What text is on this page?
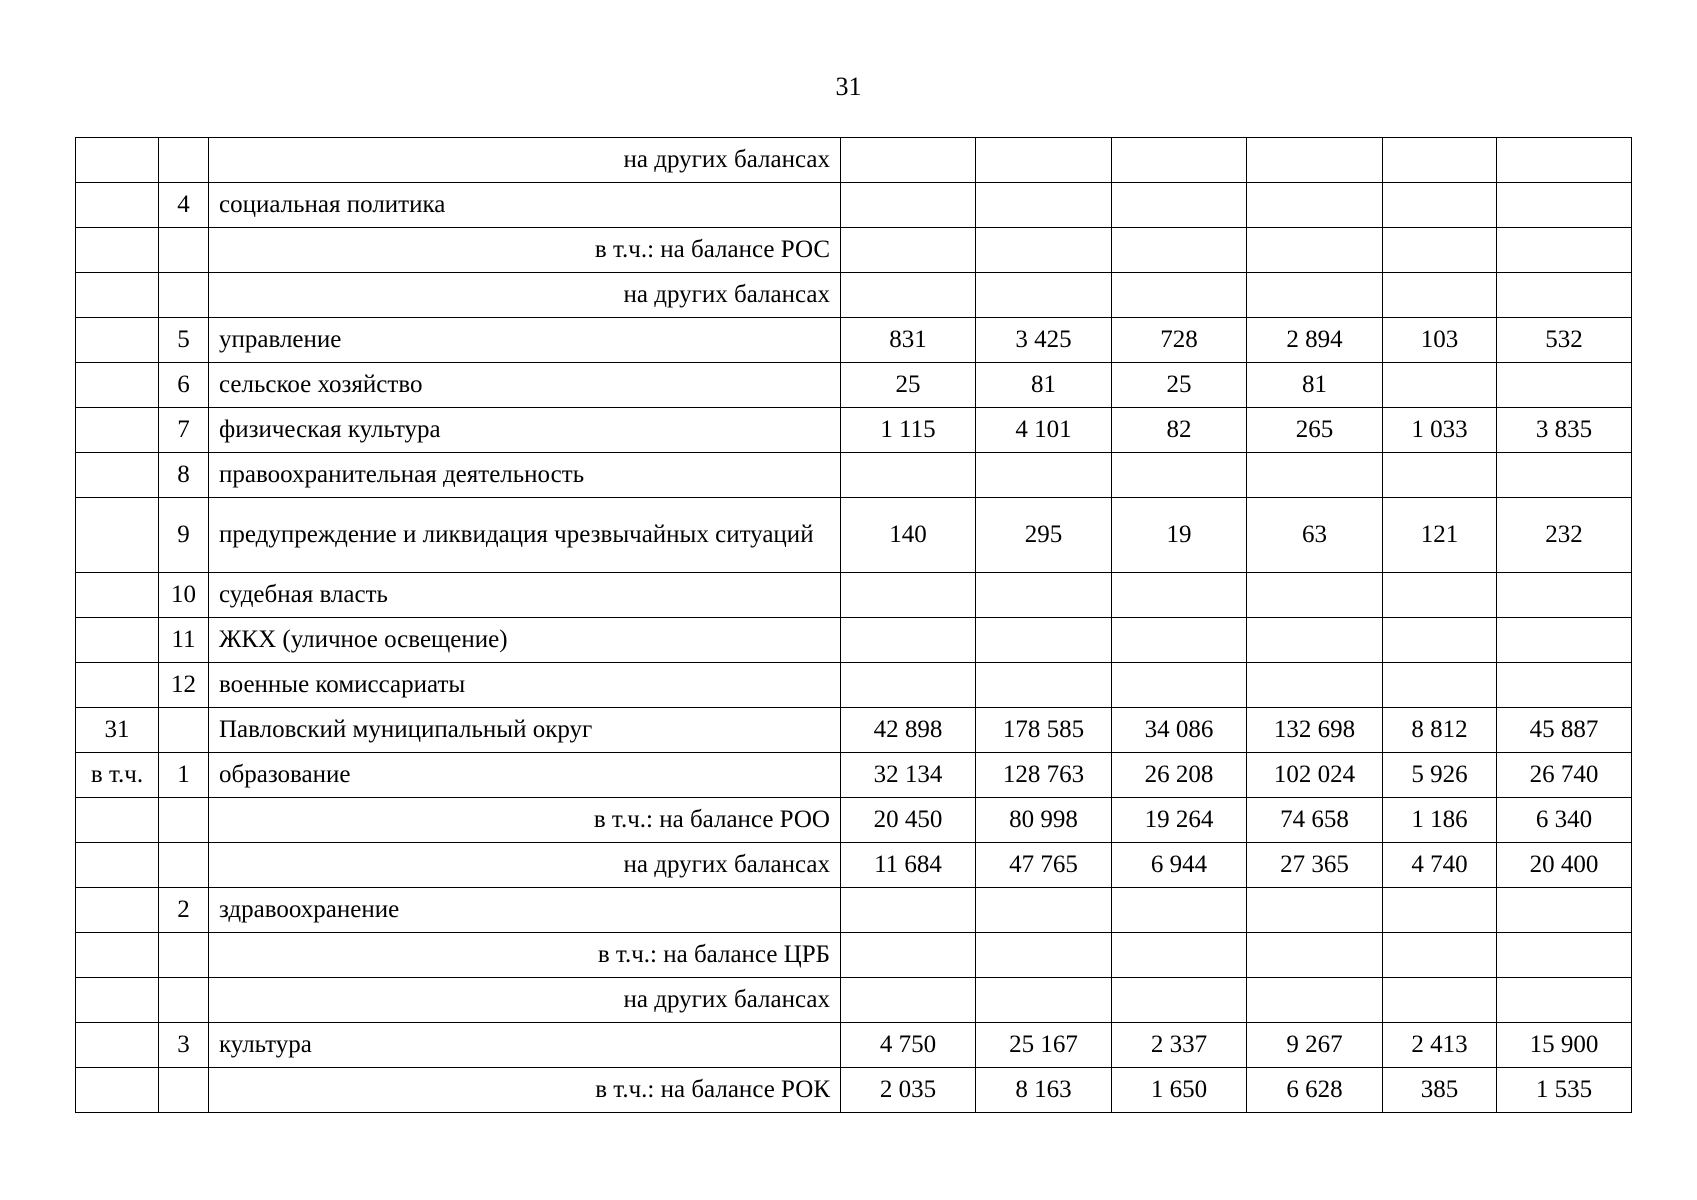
31
		на других балансах						
	4	социальная политика						
		в т.ч.: на балансе РОС						
		на других балансах						
	5	управление	831	3 425	728	2 894	103	532
	6	сельское хозяйство	25	81	25	81		
	7	физическая культура	1 115	4 101	82	265	1 033	3 835
	8	правоохранительная деятельность						
	9	предупреждение и ликвидация чрезвычайных ситуаций	140	295	19	63	121	232
	10	судебная власть						
	11	ЖКХ (уличное освещение)						
	12	военные комиссариаты						
31		Павловский муниципальный округ	42 898	178 585	34 086	132 698	8 812	45 887
в т.ч.	1	образование	32 134	128 763	26 208	102 024	5 926	26 740
		в т.ч.: на балансе РОО	20 450	80 998	19 264	74 658	1 186	6 340
		на других балансах	11 684	47 765	6 944	27 365	4 740	20 400
	2	здравоохранение						
		в т.ч.: на балансе ЦРБ						
		на других балансах						
	3	культура	4 750	25 167	2 337	9 267	2 413	15 900
		в т.ч.: на балансе РОК	2 035	8 163	1 650	6 628	385	1 535
